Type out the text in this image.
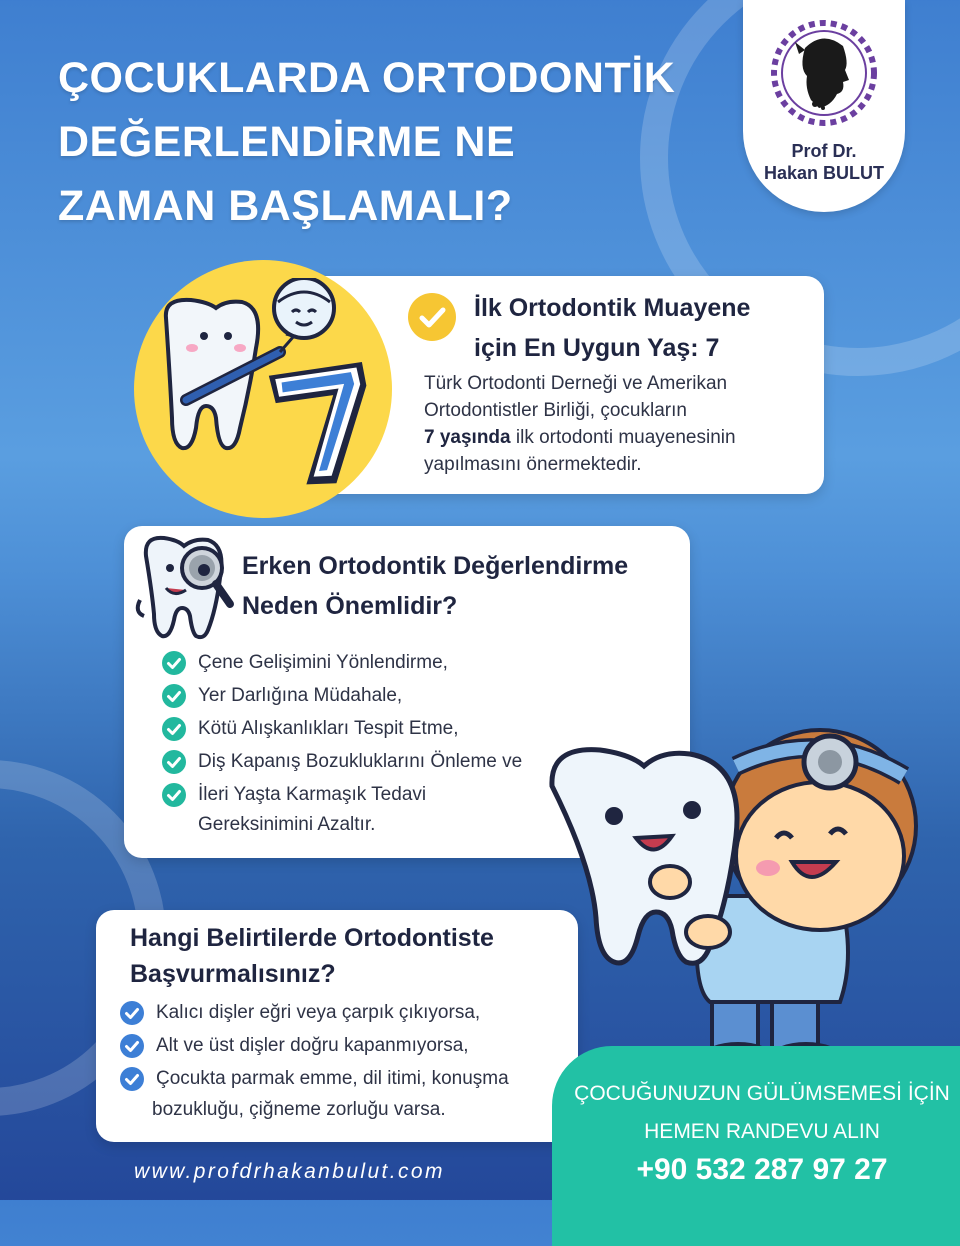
ÇOCUKLARDA ORTODONTİK
DEĞERLENDİRME NE
ZAMAN BAŞLAMALI?
Prof Dr.
Hakan BULUT
İlk Ortodontik Muayene
için En Uygun Yaş: 7
Türk Ortodonti Derneği ve Amerikan
Ortodontistler Birliği, çocukların
7 yaşında ilk ortodonti muayenesinin
yapılmasını önermektedir.
Erken Ortodontik Değerlendirme
Neden Önemlidir?
Çene Gelişimini Yönlendirme,
Yer Darlığına Müdahale,
Kötü Alışkanlıkları Tespit Etme,
Diş Kapanış Bozukluklarını Önleme ve
İleri Yaşta Karmaşık Tedavi
Gereksinimini Azaltır.
Hangi Belirtilerde Ortodontiste
Başvurmalısınız?
Kalıcı dişler eğri veya çarpık çıkıyorsa,
Alt ve üst dişler doğru kapanmıyorsa,
Çocukta parmak emme, dil itimi, konuşma
bozukluğu, çiğneme zorluğu varsa.
ÇOCUĞUNUZUN GÜLÜMSEMESİ İÇİN
HEMEN RANDEVU ALIN
+90 532 287 97 27
www.profdrhakanbulut.com
